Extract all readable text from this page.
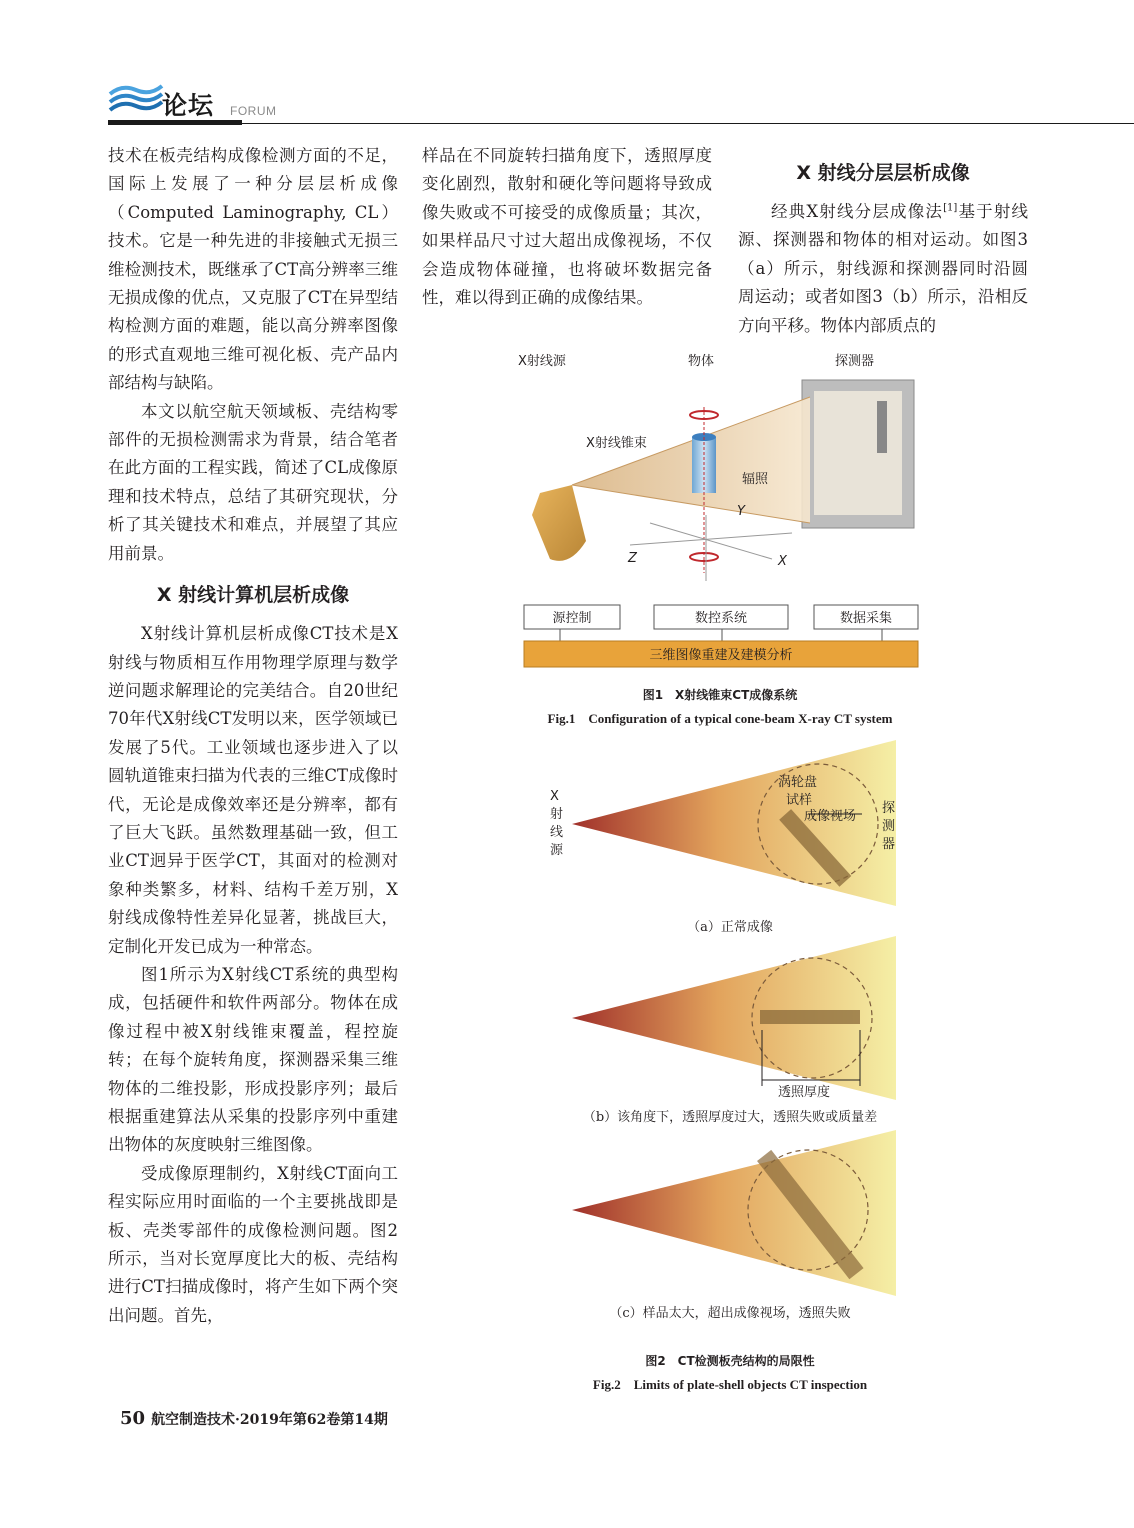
论坛 FORUM

技术在板壳结构成像检测方面的不足，国际上发展了一种分层层析成像（Computed Laminography, CL）技术。它是一种先进的非接触式无损三维检测技术，既继承了CT高分辨率三维无损成像的优点，又克服了CT在异型结构检测方面的难题，能以高分辨率图像的形式直观地三维可视化板、壳产品内部结构与缺陷。

本文以航空航天领域板、壳结构零部件的无损检测需求为背景，结合笔者在此方面的工程实践，简述了CL成像原理和技术特点，总结了其研究现状，分析了其关键技术和难点，并展望了其应用前景。

X 射线计算机层析成像

X射线计算机层析成像CT技术是X射线与物质相互作用物理学原理与数学逆问题求解理论的完美结合。自20世纪70年代X射线CT发明以来，医学领域已发展了5代。工业领域也逐步进入了以圆轨道锥束扫描为代表的三维CT成像时代，无论是成像效率还是分辨率，都有了巨大飞跃。虽然数理基础一致，但工业CT迥异于医学CT，其面对的检测对象种类繁多，材料、结构千差万别，X射线成像特性差异化显著，挑战巨大，定制化开发已成为一种常态。

图1所示为X射线CT系统的典型构成，包括硬件和软件两部分。物体在成像过程中被X射线锥束覆盖，程控旋转；在每个旋转角度，探测器采集三维物体的二维投影，形成投影序列；最后根据重建算法从采集的投影序列中重建出物体的灰度映射三维图像。

受成像原理制约，X射线CT面向工程实际应用时面临的一个主要挑战即是板、壳类零部件的成像检测问题。图2所示，当对长宽厚度比大的板、壳结构进行CT扫描成像时，将产生如下两个突出问题。首先，

样品在不同旋转扫描角度下，透照厚度变化剧烈，散射和硬化等问题将导致成像失败或不可接受的成像质量；其次，如果样品尺寸过大超出成像视场，不仅会造成物体碰撞，也将破坏数据完备性，难以得到正确的成像结果。

X 射线分层层析成像

经典X射线分层成像法[1]基于射线源、探测器和物体的相对运动。如图3（a）所示，射线源和探测器同时沿圆周运动；或者如图3（b）所示，沿相反方向平移。物体内部质点的

X射线源	物体	探测器
X射线锥束
辐照
Y
Z	X
源控制	数控系统	数据采集
三维图像重建及建模分析
图1　X射线锥束CT成像系统
Fig.1　Configuration of a typical cone-beam X-ray CT system
X
射
线
源
探
测
器
涡轮盘
试样
成像视场
透照厚度
（a）正常成像
（b）该角度下，透照厚度过大，透照失败或质量差
（c）样品太大，超出成像视场，透照失败
图2　CT检测板壳结构的局限性
Fig.2　Limits of plate-shell objects CT inspection
50 航空制造技术·2019年第62卷第14期
